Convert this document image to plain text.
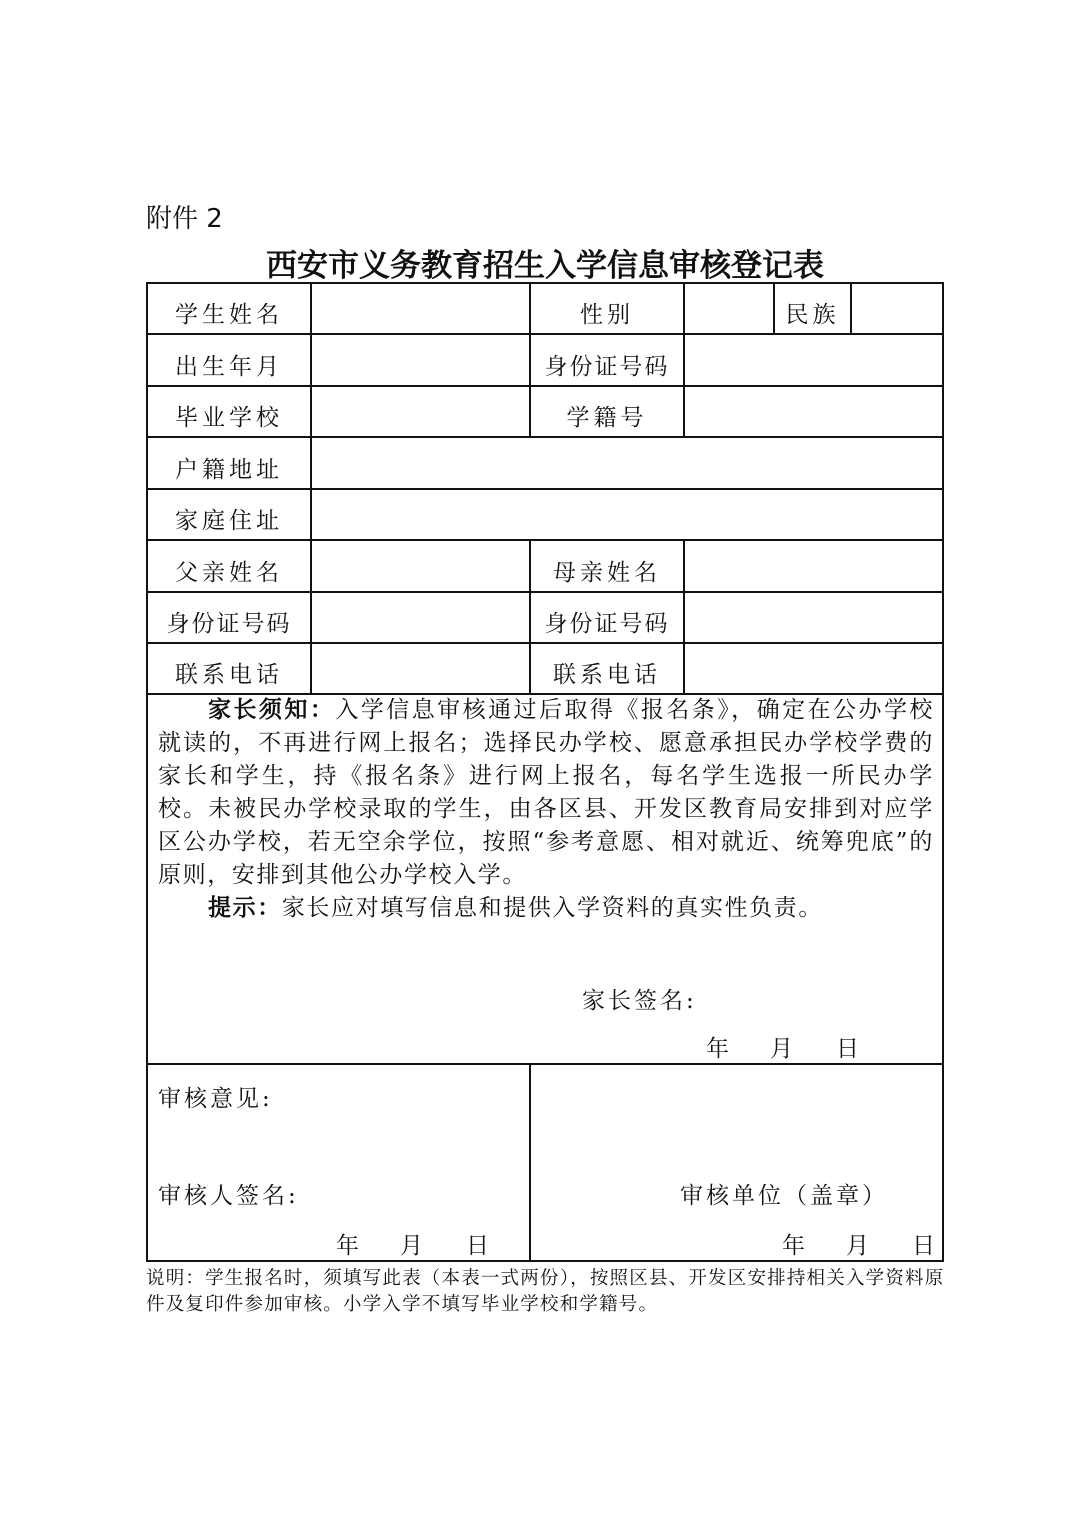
附件 2
西安市义务教育招生入学信息审核登记表
学生姓名	性别	民族
出生年月	身份证号码
毕业学校	学籍号
户籍地址
家庭住址
父亲姓名	母亲姓名
身份证号码	身份证号码
联系电话	联系电话

家长须知：入学信息审核通过后取得《报名条》，确定在公办学校就读的，不再进行网上报名；选择民办学校、愿意承担民办学校学费的家长和学生，持《报名条》进行网上报名，每名学生选报一所民办学校。未被民办学校录取的学生，由各区县、开发区教育局安排到对应学区公办学校，若无空余学位，按照“参考意愿、相对就近、统筹兜底”的原则，安排到其他公办学校入学。

提示：家长应对填写信息和提供入学资料的真实性负责。

家长签名:
年 月 日
审核意见:
审核人签名:
年 月 日
审核单位（盖章）
年 月 日
说明：学生报名时，须填写此表（本表一式两份），按照区县、开发区安排持相关入学资料原件及复印件参加审核。小学入学不填写毕业学校和学籍号。
